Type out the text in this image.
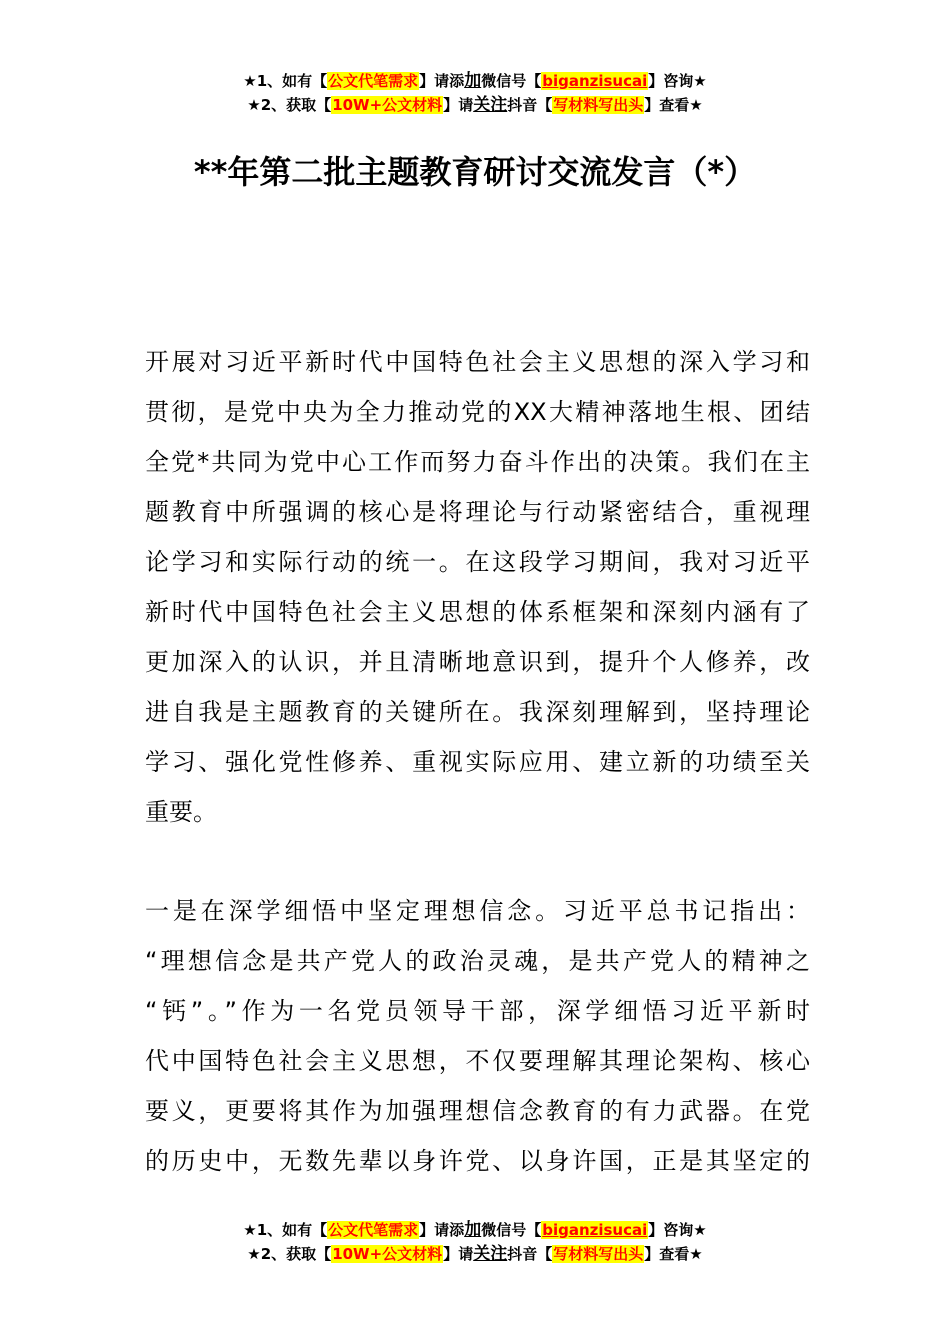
★1、如有【公文代笔需求】请添加微信号【biganzisucai】咨询★
★2、获取【10W+公文材料】请关注抖音【写材料写出头】查看★
**年第二批主题教育研讨交流发言（*）
开展对习近平新时代中国特色社会主义思想的深入学习和
贯彻，是党中央为全力推动党的XX大精神落地生根、团结
全党*共同为党中心工作而努力奋斗作出的决策。我们在主
题教育中所强调的核心是将理论与行动紧密结合，重视理
论学习和实际行动的统一。在这段学习期间，我对习近平
新时代中国特色社会主义思想的体系框架和深刻内涵有了
更加深入的认识，并且清晰地意识到，提升个人修养，改
进自我是主题教育的关键所在。我深刻理解到，坚持理论
学习、强化党性修养、重视实际应用、建立新的功绩至关
重要。
一是在深学细悟中坚定理想信念。习近平总书记指出：
“理想信念是共产党人的政治灵魂，是共产党人的精神之
“钙”。”作为一名党员领导干部，深学细悟习近平新时
代中国特色社会主义思想，不仅要理解其理论架构、核心
要义，更要将其作为加强理想信念教育的有力武器。在党
的历史中，无数先辈以身许党、以身许国，正是其坚定的
★1、如有【公文代笔需求】请添加微信号【biganzisucai】咨询★
★2、获取【10W+公文材料】请关注抖音【写材料写出头】查看★
